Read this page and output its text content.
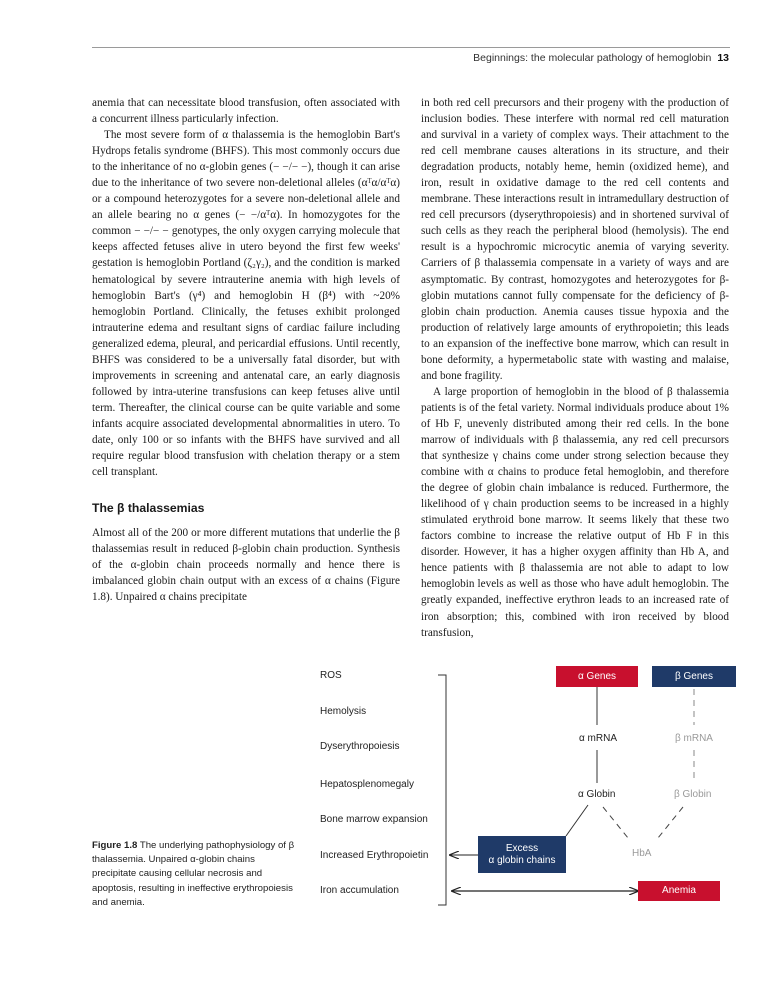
Beginnings: the molecular pathology of hemoglobin 13

anemia that can necessitate blood transfusion, often associated with a concurrent illness particularly infection.

The most severe form of α thalassemia is the hemoglobin Bart's Hydrops fetalis syndrome (BHFS). This most commonly occurs due to the inheritance of no α-globin genes (− −/− −), though it can arise due to the inheritance of two severe non-deletional alleles (αᵀα/αᵀα) or a compound heterozygotes for a severe non-deletional allele and an allele bearing no α genes (− −/αᵀα). In homozygotes for the common − −/− − genotypes, the only oxygen carrying molecule that keeps affected fetuses alive in utero beyond the first few weeks' gestation is hemoglobin Portland (ζ₂γ₂), and the condition is marked hematological by severe intrauterine anemia with high levels of hemoglobin Bart's (γ⁴) and hemoglobin H (β⁴) with ~20% hemoglobin Portland. Clinically, the fetuses exhibit prolonged intrauterine edema and resultant signs of cardiac failure including generalized edema, pleural, and pericardial effusions. Until recently, BHFS was considered to be a universally fatal disorder, but with improvements in screening and antenatal care, an early diagnosis followed by intra-uterine transfusions can keep fetuses alive until term. Thereafter, the clinical course can be quite variable and some infants acquire associated developmental abnormalities in utero. To date, only 100 or so infants with the BHFS have survived and all require regular blood transfusion with chelation therapy or a stem cell transplant.

The β thalassemias

Almost all of the 200 or more different mutations that underlie the β thalassemias result in reduced β-globin chain production. Synthesis of the α-globin chain proceeds normally and hence there is imbalanced globin chain output with an excess of α chains (Figure 1.8). Unpaired α chains precipitate

in both red cell precursors and their progeny with the production of inclusion bodies. These interfere with normal red cell maturation and survival in a variety of complex ways. Their attachment to the red cell membrane causes alterations in its structure, and their degradation products, notably heme, hemin (oxidized heme), and iron, result in oxidative damage to the red cell contents and membrane. These interactions result in intramedullary destruction of red cell precursors (dyserythropoiesis) and in shortened survival of such cells as they reach the peripheral blood (hemolysis). The end result is a hypochromic microcytic anemia of varying severity. Carriers of β thalassemia compensate in a variety of ways and are asymptomatic. By contrast, homozygotes and heterozygotes for β-globin mutations cannot fully compensate for the deficiency of β-globin chain production. Anemia causes tissue hypoxia and the production of relatively large amounts of erythropoietin; this leads to an expansion of the ineffective bone marrow, which can result in bone deformity, a hypermetabolic state with wasting and malaise, and bone fragility.

A large proportion of hemoglobin in the blood of β thalassemia patients is of the fetal variety. Normal individuals produce about 1% of Hb F, unevenly distributed among their red cells. In the bone marrow of individuals with β thalassemia, any red cell precursors that synthesize γ chains come under strong selection because they combine with α chains to produce fetal hemoglobin, and therefore the degree of globin chain imbalance is reduced. Furthermore, the likelihood of γ chain production seems to be increased in a highly stimulated erythroid bone marrow. It seems likely that these two factors combine to increase the relative output of Hb F in this disorder. However, it has a higher oxygen affinity than Hb A, and hence patients with β thalassemia are not able to adapt to low hemoglobin levels as well as those who have adult hemoglobin. The greatly expanded, ineffective erythron leads to an increased rate of iron absorption; this, combined with iron received by blood transfusion,

Figure 1.8 The underlying pathophysiology of β thalassemia. Unpaired α-globin chains precipitate causing cellular necrosis and apoptosis, resulting in ineffective erythropoiesis and anemia.
ROS
Hemolysis
Dyserythropoiesis
Hepatosplenomegaly
Bone marrow expansion
Increased Erythropoietin
Iron accumulation
α Genes	β Genes
α mRNA	β mRNA
α Globin	β Globin
HbA
Excess
α globin chains
Anemia
